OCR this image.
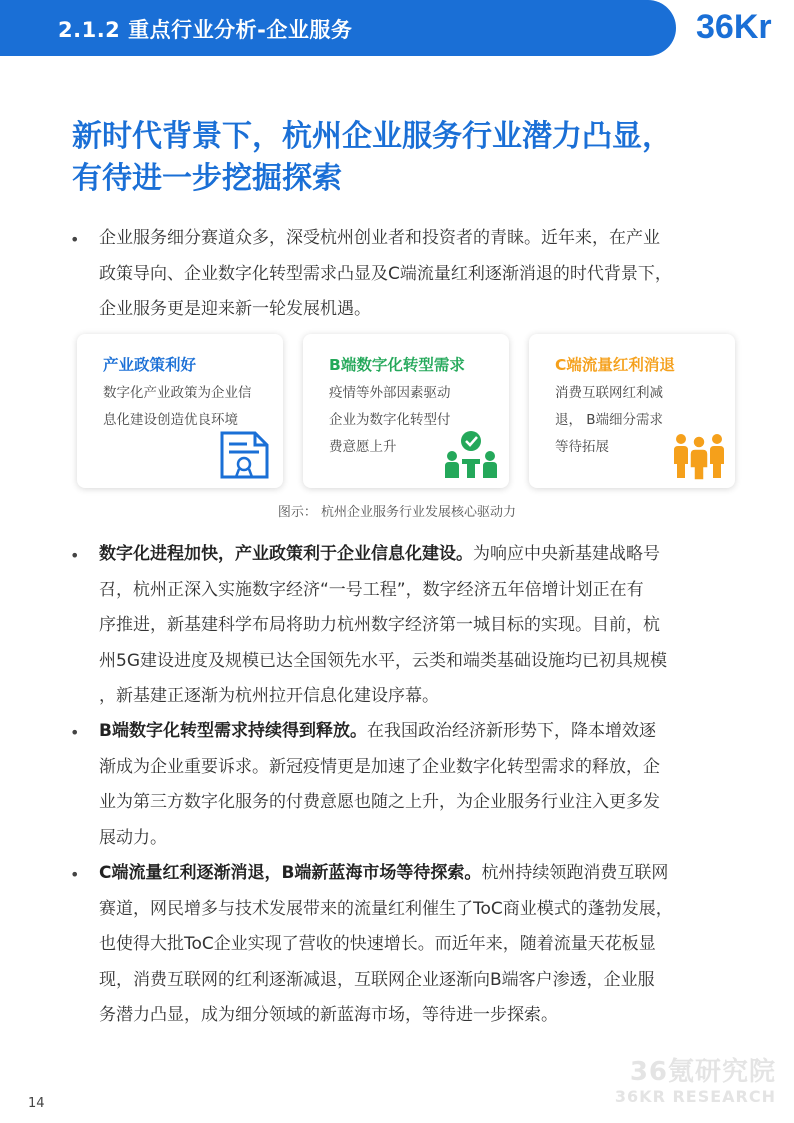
2.1.2 重点行业分析-企业服务	36Kr
新时代背景下，杭州企业服务行业潜力凸显，
有待进一步挖掘探索
• 企业服务细分赛道众多，深受杭州创业者和投资者的青睐。近年来，在产业
政策导向、企业数字化转型需求凸显及C端流量红利逐渐消退的时代背景下，
企业服务更是迎来新一轮发展机遇。
产业政策利好
数字化产业政策为企业信
息化建设创造优良环境
B端数字化转型需求
疫情等外部因素驱动
企业为数字化转型付
费意愿上升
C端流量红利消退
消费互联网红利减
退， B端细分需求
等待拓展
图示： 杭州企业服务行业发展核心驱动力
• 数字化进程加快，产业政策利于企业信息化建设。为响应中央新基建战略号
召，杭州正深入实施数字经济“一号工程”，数字经济五年倍增计划正在有
序推进，新基建科学布局将助力杭州数字经济第一城目标的实现。目前，杭
州5G建设进度及规模已达全国领先水平，云类和端类基础设施均已初具规模
，新基建正逐渐为杭州拉开信息化建设序幕。
• B端数字化转型需求持续得到释放。在我国政治经济新形势下，降本增效逐
渐成为企业重要诉求。新冠疫情更是加速了企业数字化转型需求的释放，企
业为第三方数字化服务的付费意愿也随之上升，为企业服务行业注入更多发
展动力。
• C端流量红利逐渐消退，B端新蓝海市场等待探索。杭州持续领跑消费互联网
赛道，网民增多与技术发展带来的流量红利催生了ToC商业模式的蓬勃发展，
也使得大批ToC企业实现了营收的快速增长。而近年来，随着流量天花板显
现，消费互联网的红利逐渐减退，互联网企业逐渐向B端客户渗透，企业服
务潜力凸显，成为细分领域的新蓝海市场，等待进一步探索。
36氪研究院
36KR RESEARCH
14
